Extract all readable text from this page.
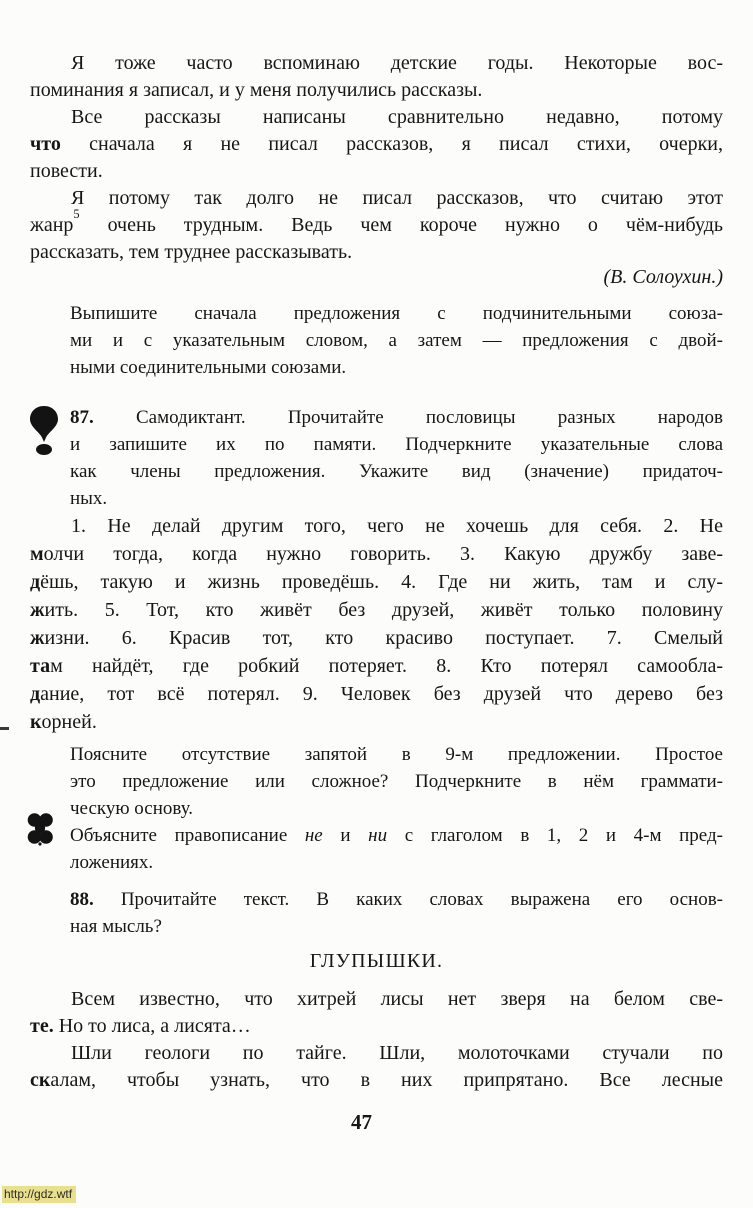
Я тоже часто вспоминаю детские годы. Некоторые вос-
поминания я записал, и у меня получились рассказы.
Все рассказы написаны сравнительно недавно, потому
что сначала я не писал рассказов, я писал стихи, очерки,
повести.
Я потому так долго не писал рассказов, что считаю этот
жанр$^5$ очень трудным. Ведь чем короче нужно о чём-нибудь
рассказать, тем труднее рассказывать.
(В. Солоухин.)
Выпишите сначала предложения с подчинительными союза-
ми и с указательным словом, а затем — предложения с двой-
ными соединительными союзами.
87. Самодиктант. Прочитайте пословицы разных народов
и запишите их по памяти. Подчеркните указательные слова
как члены предложения. Укажите вид (значение) придаточ-
ных.
1. Не делай другим того, чего не хочешь для себя. 2. Не
молчи тогда, когда нужно говорить. 3. Какую дружбу заве-
дёшь, такую и жизнь проведёшь. 4. Где ни жить, там и слу-
жить. 5. Тот, кто живёт без друзей, живёт только половину
жизни. 6. Красив тот, кто красиво поступает. 7. Смелый
там найдёт, где робкий потеряет. 8. Кто потерял самообла-
дание, тот всё потерял. 9. Человек без друзей что дерево без
корней.
Поясните отсутствие запятой в 9-м предложении. Простое
это предложение или сложное? Подчеркните в нём граммати-
ческую основу.
Объясните правописание не и ни с глаголом в 1, 2 и 4-м пред-
ложениях.
88. Прочитайте текст. В каких словах выражена его основ-
ная мысль?
ГЛУПЫШКИ.
Всем известно, что хитрей лисы нет зверя на белом све-
те. Но то лиса, а лисята…
Шли геологи по тайге. Шли, молоточками стучали по
скалам, чтобы узнать, что в них припрятано. Все лесные
47
http://gdz.wtf
